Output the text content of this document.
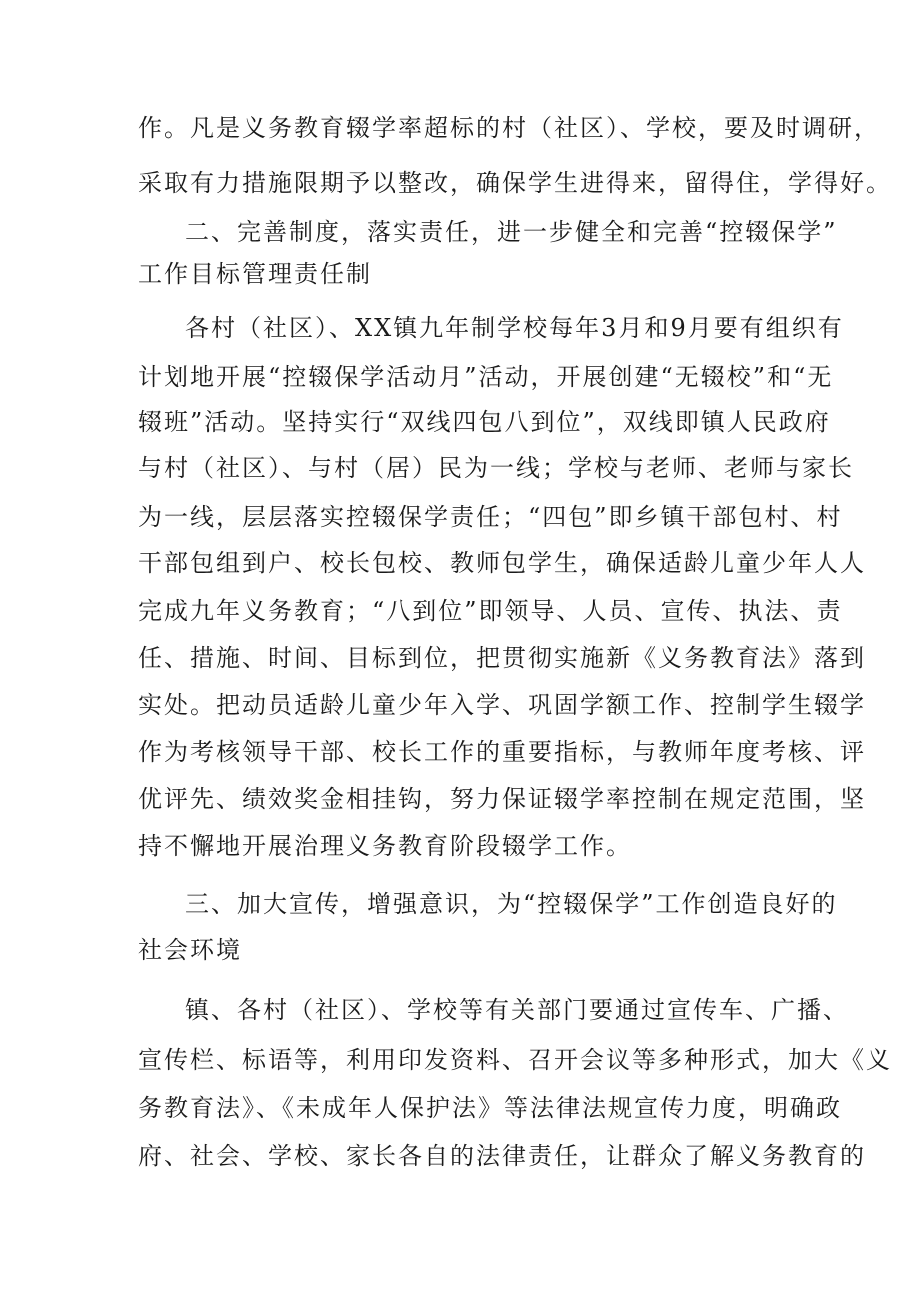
作。凡是义务教育辍学率超标的村（社区）、学校，要及时调研，
采取有力措施限期予以整改，确保学生进得来，留得住，学得好。
二、完善制度，落实责任，进一步健全和完善“控辍保学”
工作目标管理责任制
各村（社区）、XX镇九年制学校每年3月和9月要有组织有
计划地开展“控辍保学活动月”活动，开展创建“无辍校”和“无
辍班”活动。坚持实行“双线四包八到位”，双线即镇人民政府
与村（社区）、与村（居）民为一线；学校与老师、老师与家长
为一线，层层落实控辍保学责任；“四包”即乡镇干部包村、村
干部包组到户、校长包校、教师包学生，确保适龄儿童少年人人
完成九年义务教育；“八到位”即领导、人员、宣传、执法、责
任、措施、时间、目标到位，把贯彻实施新《义务教育法》落到
实处。把动员适龄儿童少年入学、巩固学额工作、控制学生辍学
作为考核领导干部、校长工作的重要指标，与教师年度考核、评
优评先、绩效奖金相挂钩，努力保证辍学率控制在规定范围，坚
持不懈地开展治理义务教育阶段辍学工作。
三、加大宣传，增强意识，为“控辍保学”工作创造良好的
社会环境
镇、各村（社区）、学校等有关部门要通过宣传车、广播、
宣传栏、标语等，利用印发资料、召开会议等多种形式，加大《义
务教育法》、《未成年人保护法》等法律法规宣传力度，明确政
府、社会、学校、家长各自的法律责任，让群众了解义务教育的
